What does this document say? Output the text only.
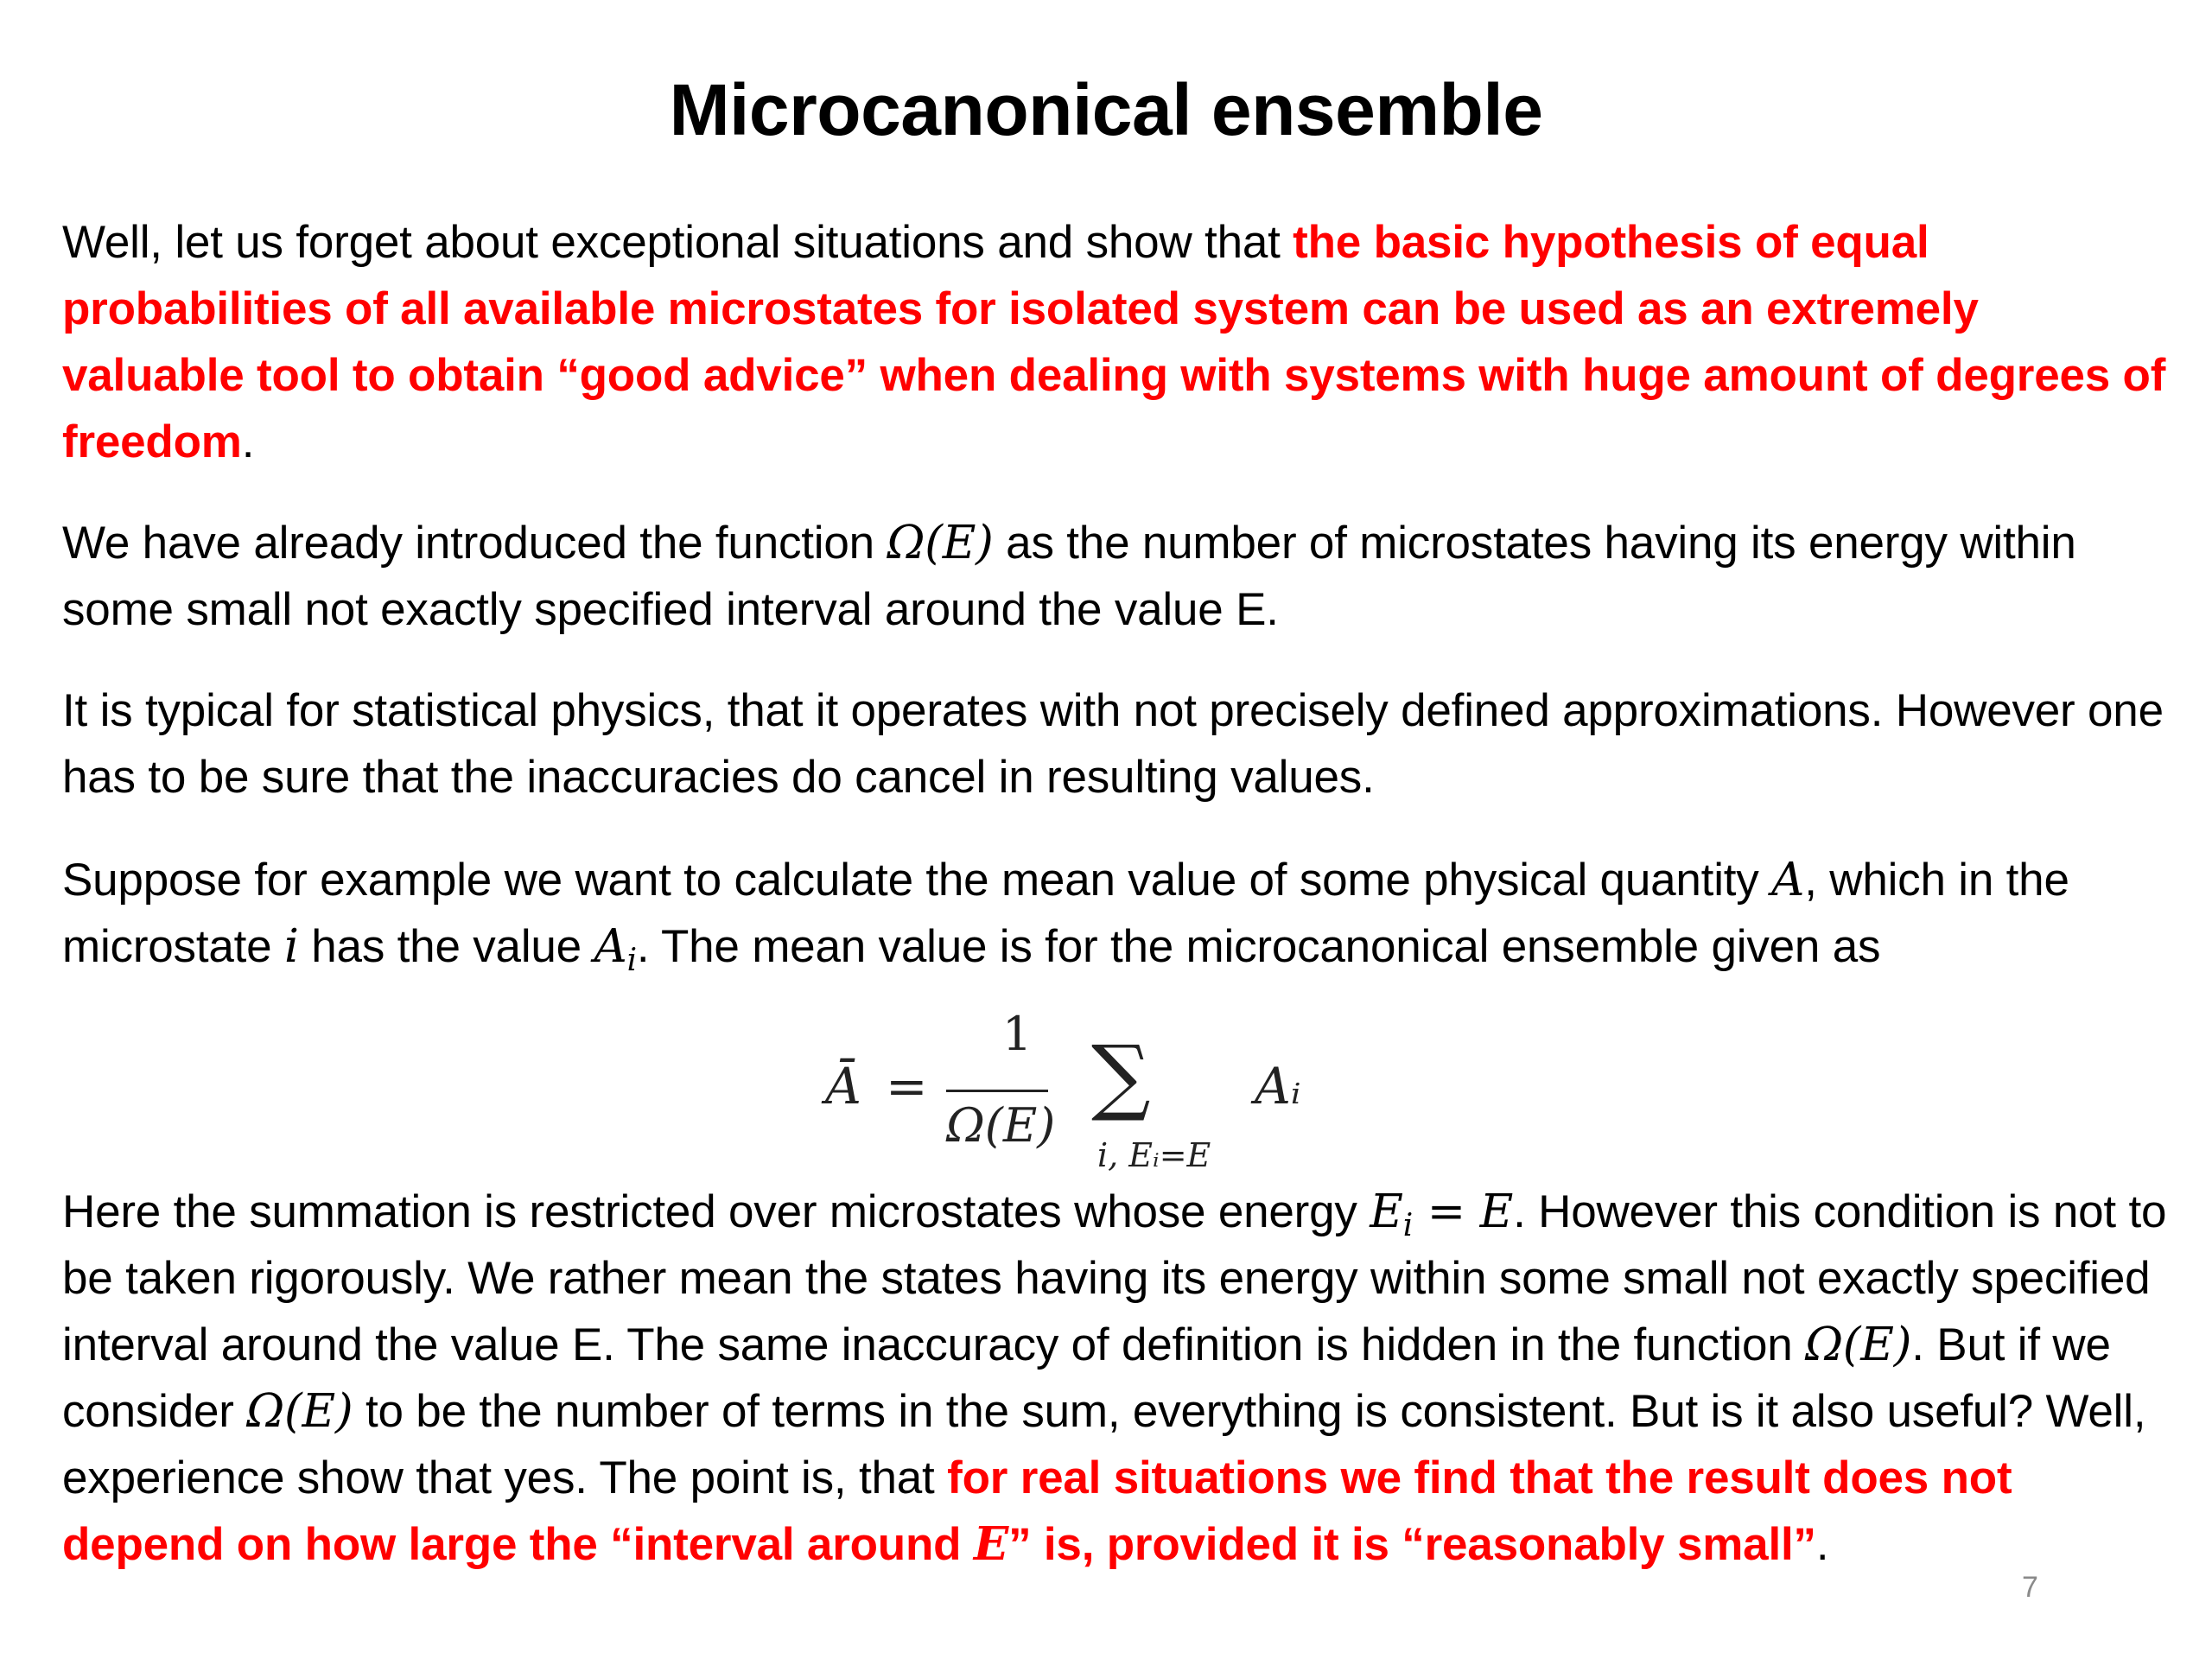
Microcanonical ensemble
Well, let us forget about exceptional situations and show that the basic hypothesis of equal probabilities of all available microstates for isolated system can be used as an extremely valuable tool to obtain “good advice” when dealing with systems with huge amount of degrees of freedom.
We have already introduced the function Ω(E) as the number of microstates having its energy within some small not exactly specified interval around the value E.
It is typical for statistical physics, that it operates with not precisely defined approximations. However one has to be sure that the inaccuracies do cancel in resulting values.
Suppose for example we want to calculate the mean value of some physical quantity A, which in the microstate i has the value $A_i$. The mean value is for the microcanonical ensemble given as
Ā =
1
Ω(E)
∑
i, Eᵢ=E
Aᵢ
Here the summation is restricted over microstates whose energy $E_i = E$. However this condition is not to be taken rigorously. We rather mean the states having its energy within some small not exactly specified interval around the value E. The same inaccuracy of definition is hidden in the function Ω(E). But if we consider Ω(E) to be the number of terms in the sum, everything is consistent. But is it also useful? Well, experience show that yes. The point is, that for real situations we find that the result does not depend on how large the “interval around E” is, provided it is “reasonably small”.
7
